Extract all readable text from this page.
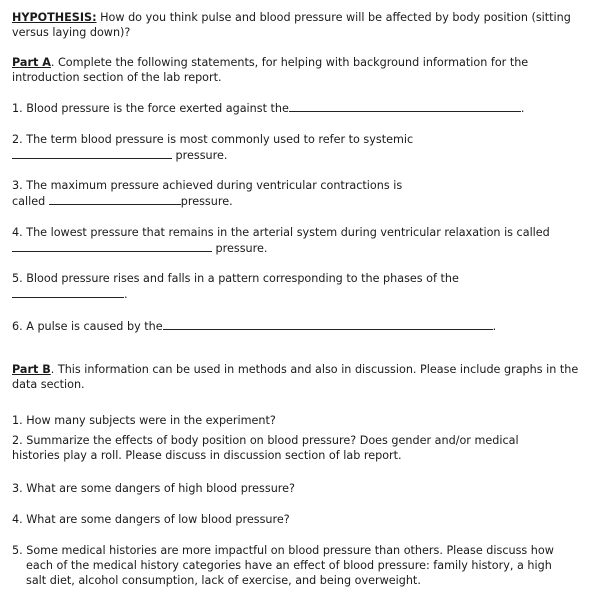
HYPOTHESIS: How do you think pulse and blood pressure will be affected by body position (sitting
versus laying down)?
Part A. Complete the following statements, for helping with background information for the
introduction section of the lab report.
1. Blood pressure is the force exerted against the	.
2. The term blood pressure is most commonly used to refer to systemic
pressure.
3. The maximum pressure achieved during ventricular contractions is
called	pressure.
4. The lowest pressure that remains in the arterial system during ventricular relaxation is called
pressure.
5. Blood pressure rises and falls in a pattern corresponding to the phases of the
.
6. A pulse is caused by the	.
Part B. This information can be used in methods and also in discussion. Please include graphs in the
data section.
1. How many subjects were in the experiment?
2. Summarize the effects of body position on blood pressure? Does gender and/or medical
histories play a roll. Please discuss in discussion section of lab report.
3. What are some dangers of high blood pressure?
4. What are some dangers of low blood pressure?
5. Some medical histories are more impactful on blood pressure than others. Please discuss how
each of the medical history categories have an effect of blood pressure: family history, a high
salt diet, alcohol consumption, lack of exercise, and being overweight.
